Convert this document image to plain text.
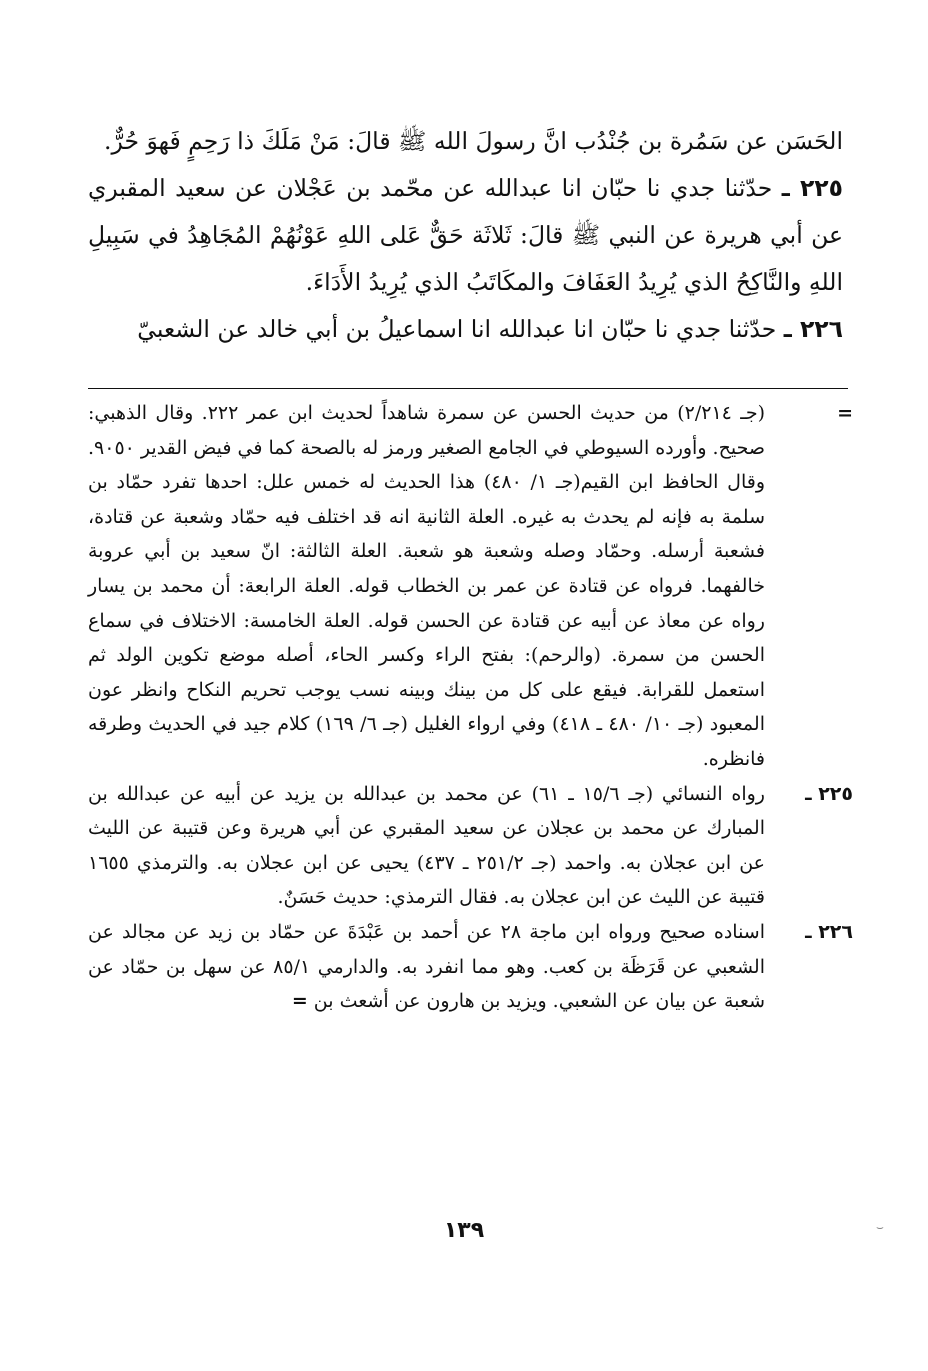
الحَسَن عن سَمُرة بن جُنْدُب انَّ رسولَ الله ﷺ قالَ: مَنْ مَلَكَ ذا رَحِمٍ فَهوَ حُرٌّ.

٢٢٥ ـ حدّثنا جدي نا حبّان انا عبدالله عن محّمد بن عَجْلان عن سعيد المقبري عن أبي هريرة عن النبي ﷺ قالَ: ثَلاثَة حَقٌّ عَلى اللهِ عَوْنُهُمْ المُجَاهِدُ في سَبِيلِ اللهِ والنَّاكِحُ الذي يُرِيدُ العَفَافَ والمكَاتَبُ الذي يُرِيدُ الأَدَاءَ.

٢٢٦ ـ حدّثنا جدي نا حبّان انا عبدالله انا اسماعيلُ بن أبي خالد عن الشعبيّ

=
(جـ ٢/٢١٤) من حديث الحسن عن سمرة شاهداً لحديث ابن عمر ٢٢٢. وقال الذهبي: صحيح. وأورده السيوطي في الجامع الصغير ورمز له بالصحة كما في فيض القدير ٩٠٥٠. وقال الحافظ ابن القيم(جـ ١/ ٤٨٠) هذا الحديث له خمس علل: احدها تفرد حمّاد بن سلمة به فإنه لم يحدث به غيره. العلة الثانية انه قد اختلف فيه حمّاد وشعبة عن قتادة، فشعبة أرسله. وحمّاد وصله وشعبة هو شعبة. العلة الثالثة: انّ سعيد بن أبي عروبة خالفهما. فرواه عن قتادة عن عمر بن الخطاب قوله. العلة الرابعة: أن محمد بن يسار رواه عن معاذ عن أبيه عن قتادة عن الحسن قوله. العلة الخامسة: الاختلاف في سماع الحسن من سمرة. (والرحم): بفتح الراء وكسر الحاء، أصله موضع تكوين الولد ثم استعمل للقرابة. فيقع على كل من بينك وبينه نسب يوجب تحريم النكاح وانظر عون المعبود (جـ ١٠/ ٤٨٠ ـ ٤١٨) وفي ارواء الغليل (جـ ٦/ ١٦٩) كلام جيد في الحديث وطرقه فانظره.
٢٢٥ ـ
رواه النسائي (جـ ١٥/٦ ـ ٦١) عن محمد بن عبدالله بن يزيد عن أبيه عن عبدالله بن المبارك عن محمد بن عجلان عن سعيد المقبري عن أبي هريرة وعن قتيبة عن الليث عن ابن عجلان به. واحمد (جـ ٢٥١/٢ ـ ٤٣٧) يحيى عن ابن عجلان به. والترمذي ١٦٥٥ قتيبة عن الليث عن ابن عجلان به. فقال الترمذي: حديث حَسَنٌ.
٢٢٦ ـ
اسناده صحيح ورواه ابن ماجة ٢٨ عن أحمد بن عَبْدَةَ عن حمّاد بن زيد عن مجالد عن الشعبي عن قَرَظَة بن كعب. وهو مما انفرد به. والدارمي ٨٥/١ عن سهل بن حمّاد عن شعبة عن بيان عن الشعبي. ويزيد بن هارون عن أشعث بن =
١٣٩	⌣
